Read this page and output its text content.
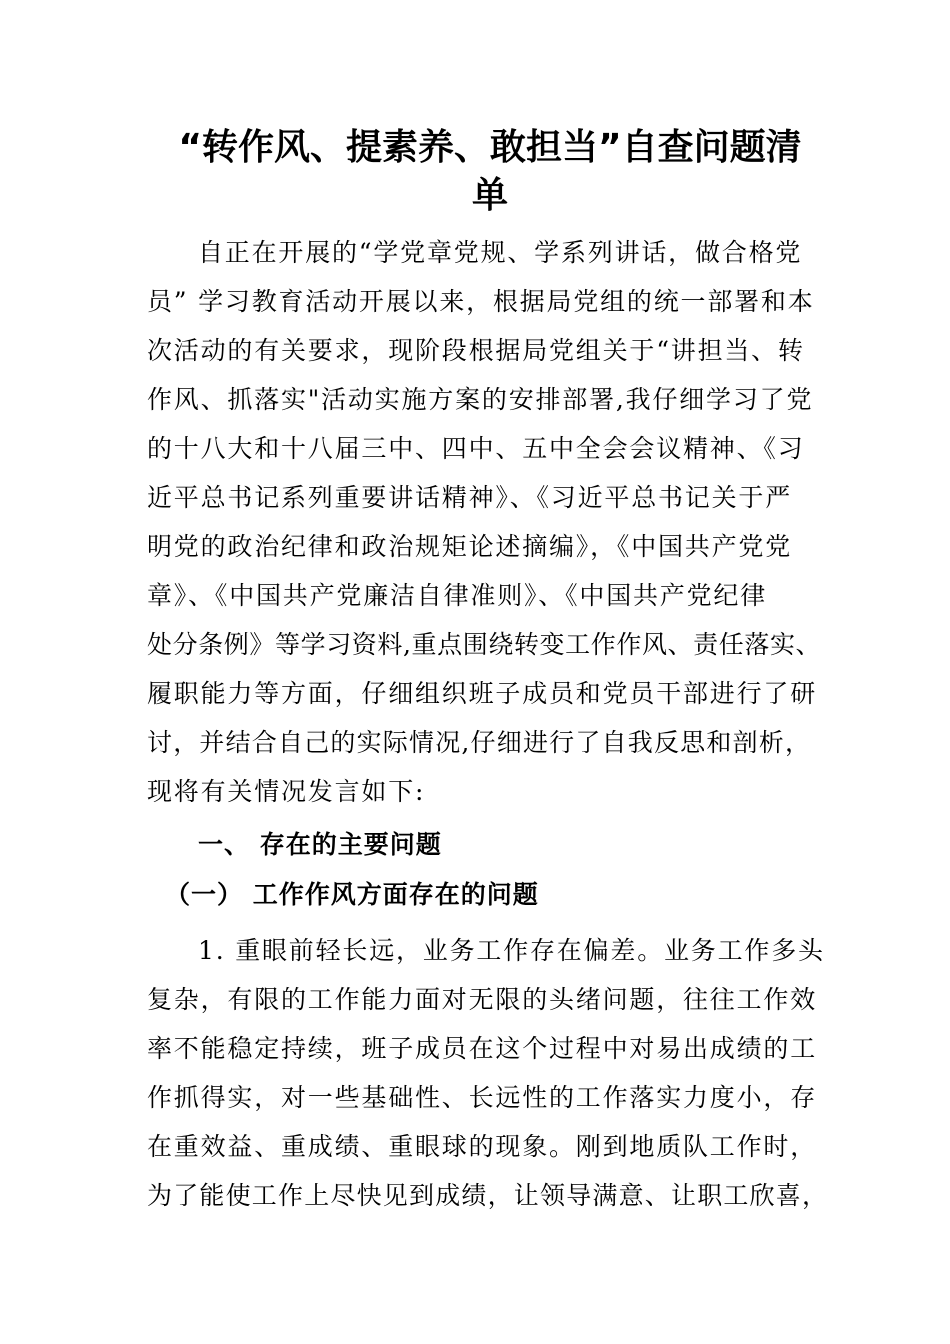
“转作风、提素养、敢担当”自查问题清
单
自正在开展的“学党章党规、学系列讲话，做合格党
员” 学习教育活动开展以来，根据局党组的统一部署和本
次活动的有关要求，现阶段根据局党组关于“讲担当、转
作风、抓落实"活动实施方案的安排部署,我仔细学习了党
的十八大和十八届三中、四中、五中全会会议精神、《习
近平总书记系列重要讲话精神》、《习近平总书记关于严
明党的政治纪律和政治规矩论述摘编》，《中国共产党党
章》、《中国共产党廉洁自律准则》、《中国共产党纪律
处分条例》等学习资料,重点围绕转变工作作风、责任落实、
履职能力等方面，仔细组织班子成员和党员干部进行了研
讨，并结合自己的实际情况,仔细进行了自我反思和剖析，
现将有关情况发言如下:
一、 存在的主要问题
（一） 工作作风方面存在的问题
1. 重眼前轻长远，业务工作存在偏差。业务工作多头
复杂，有限的工作能力面对无限的头绪问题，往往工作效
率不能稳定持续，班子成员在这个过程中对易出成绩的工
作抓得实，对一些基础性、长远性的工作落实力度小，存
在重效益、重成绩、重眼球的现象。刚到地质队工作时，
为了能使工作上尽快见到成绩，让领导满意、让职工欣喜，
